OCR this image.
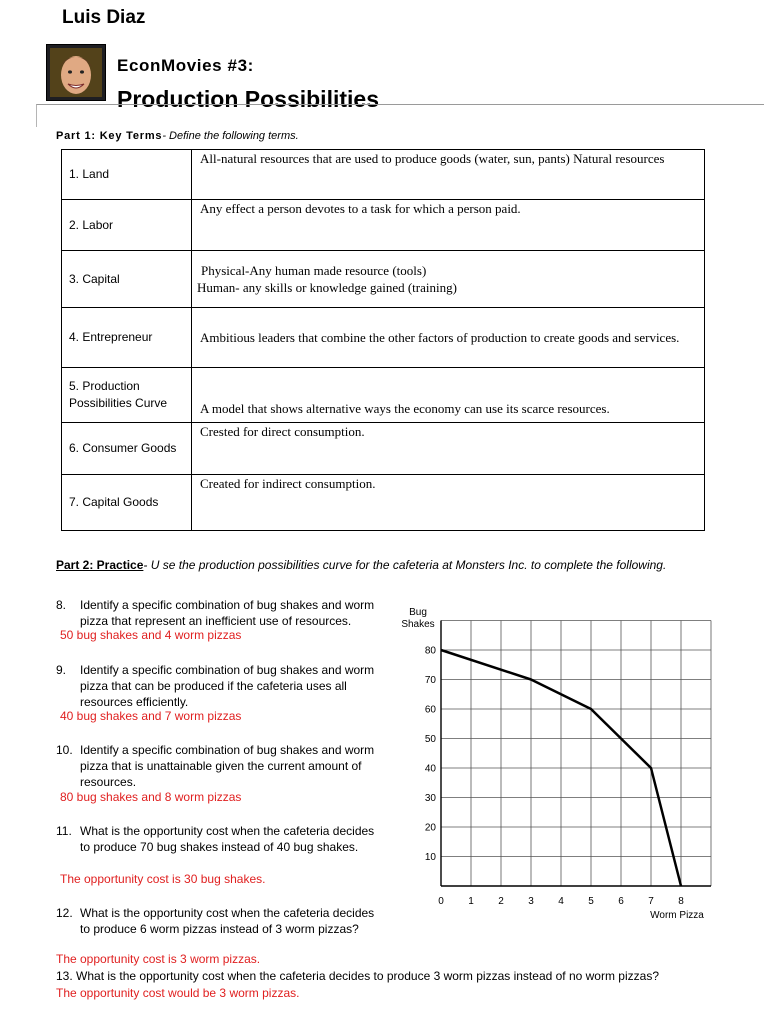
Luis Diaz
EconMovies #3:
Production Possibilities
Part 1: Key Terms- Define the following terms.
1. Land	All-natural resources that are used to produce goods (water, sun, pants) Natural resources
2. Labor	Any effect a person devotes to a task for which a person paid.
3. Capital	Physical-Any human made resource (tools)
Human- any skills or knowledge gained (training)

4. Entrepreneur	Ambitious leaders that combine the other factors of production to create goods and services.

5. Production
Possibilities Curve	A model that shows alternative ways the economy can use its scarce resources.
6. Consumer Goods	Crested for direct consumption.
7. Capital Goods	Created for indirect consumption.
Part 2: Practice- U se the production possibilities curve for the cafeteria at Monsters Inc. to complete the following.
8. Identify a specific combination of bug shakes and worm
pizza that represent an inefficient use of resources.
50 bug shakes and 4 worm pizzas
9. Identify a specific combination of bug shakes and worm
pizza that can be produced if the cafeteria uses all
resources efficiently.
40 bug shakes and 7 worm pizzas
10. Identify a specific combination of bug shakes and worm
pizza that is unattainable given the current amount of
resources.
80 bug shakes and 8 worm pizzas
11. What is the opportunity cost when the cafeteria decides
to produce 70 bug shakes instead of 40 bug shakes.
The opportunity cost is 30 bug shakes.
12. What is the opportunity cost when the cafeteria decides
to produce 6 worm pizzas instead of 3 worm pizzas?
The opportunity cost is 3 worm pizzas.
13. What is the opportunity cost when the cafeteria decides to produce 3 worm pizzas instead of no worm pizzas?
The opportunity cost would be 3 worm pizzas.
0 1 2 3 4 5 6 7 8
10
20
30
40
50
60
70
80
Bug
Shakes
Worm Pizza
